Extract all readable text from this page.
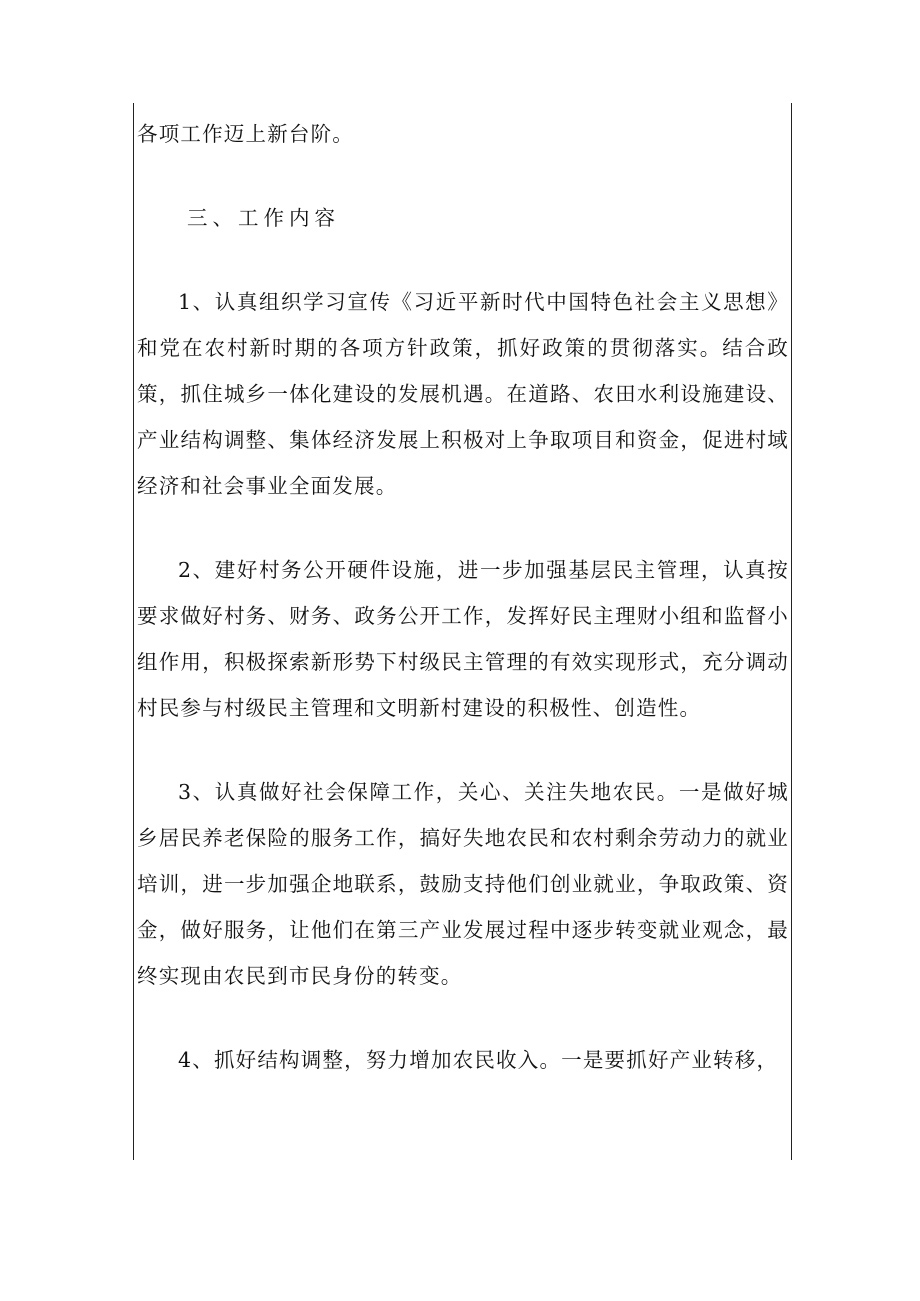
各项工作迈上新台阶。

三、工作内容

1、认真组织学习宣传《习近平新时代中国特色社会主义思想》和党在农村新时期的各项方针政策，抓好政策的贯彻落实。结合政策，抓住城乡一体化建设的发展机遇。在道路、农田水利设施建设、产业结构调整、集体经济发展上积极对上争取项目和资金，促进村域经济和社会事业全面发展。

2、建好村务公开硬件设施，进一步加强基层民主管理，认真按要求做好村务、财务、政务公开工作，发挥好民主理财小组和监督小组作用，积极探索新形势下村级民主管理的有效实现形式，充分调动村民参与村级民主管理和文明新村建设的积极性、创造性。

3、认真做好社会保障工作，关心、关注失地农民。一是做好城乡居民养老保险的服务工作，搞好失地农民和农村剩余劳动力的就业培训，进一步加强企地联系，鼓励支持他们创业就业，争取政策、资金，做好服务，让他们在第三产业发展过程中逐步转变就业观念，最终实现由农民到市民身份的转变。

4、抓好结构调整，努力增加农民收入。一是要抓好产业转移，
